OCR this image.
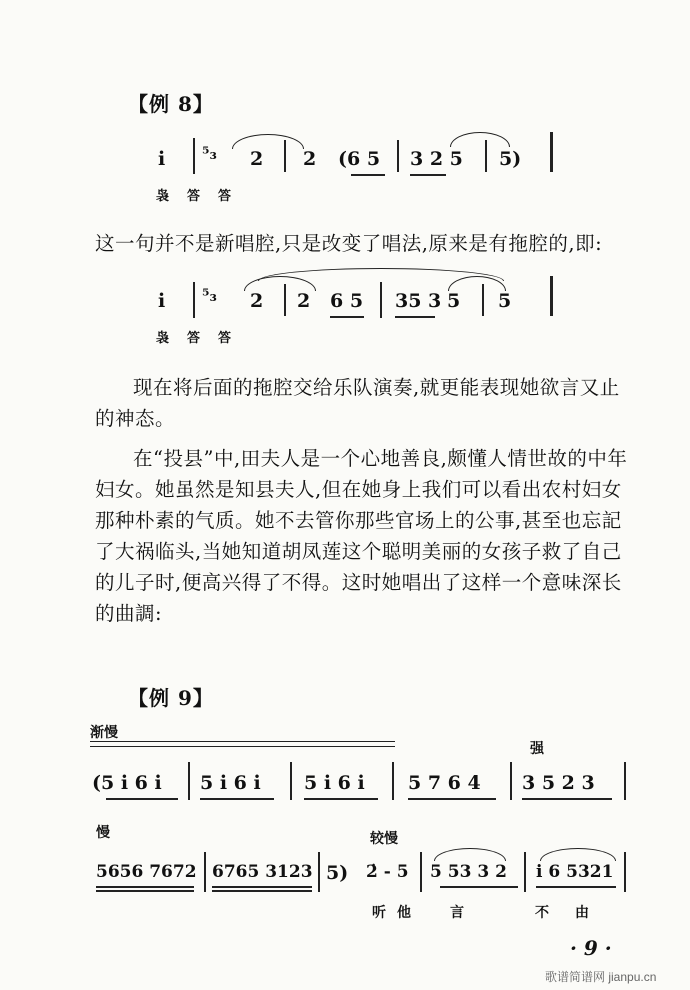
【例 8】
i ⁵₃ 2 2 (6 5 3 2 5 5)
袅答答

这一句并不是新唱腔,只是改变了唱法,原来是有拖腔的,即:

i ⁵₃ 2 2 6 5 35 3 5 5
袅答答

现在将后面的拖腔交给乐队演奏,就更能表现她欲言又止的神态。

在“投县”中,田夫人是一个心地善良,颇懂人情世故的中年妇女。她虽然是知县夫人,但在她身上我们可以看出农村妇女那种朴素的气质。她不去管你那些官场上的公事,甚至也忘記了大祸临头,当她知道胡凤莲这个聪明美丽的女孩子救了自己的儿子时,便高兴得了不得。这时她唱出了这样一个意味深长的曲調:

【例 9】
渐慢
强
(5 i 6 i 5 i 6 i 5 i 6 i 5 7 6 4 3 5 2 3
慢	较慢
5656 7672 6765 3123 5) 2̇ - 5 5 53 3 2 i 6 5321
听 他	言	不 由
· 9 ·
歌谱简谱网 jianpu.cn
